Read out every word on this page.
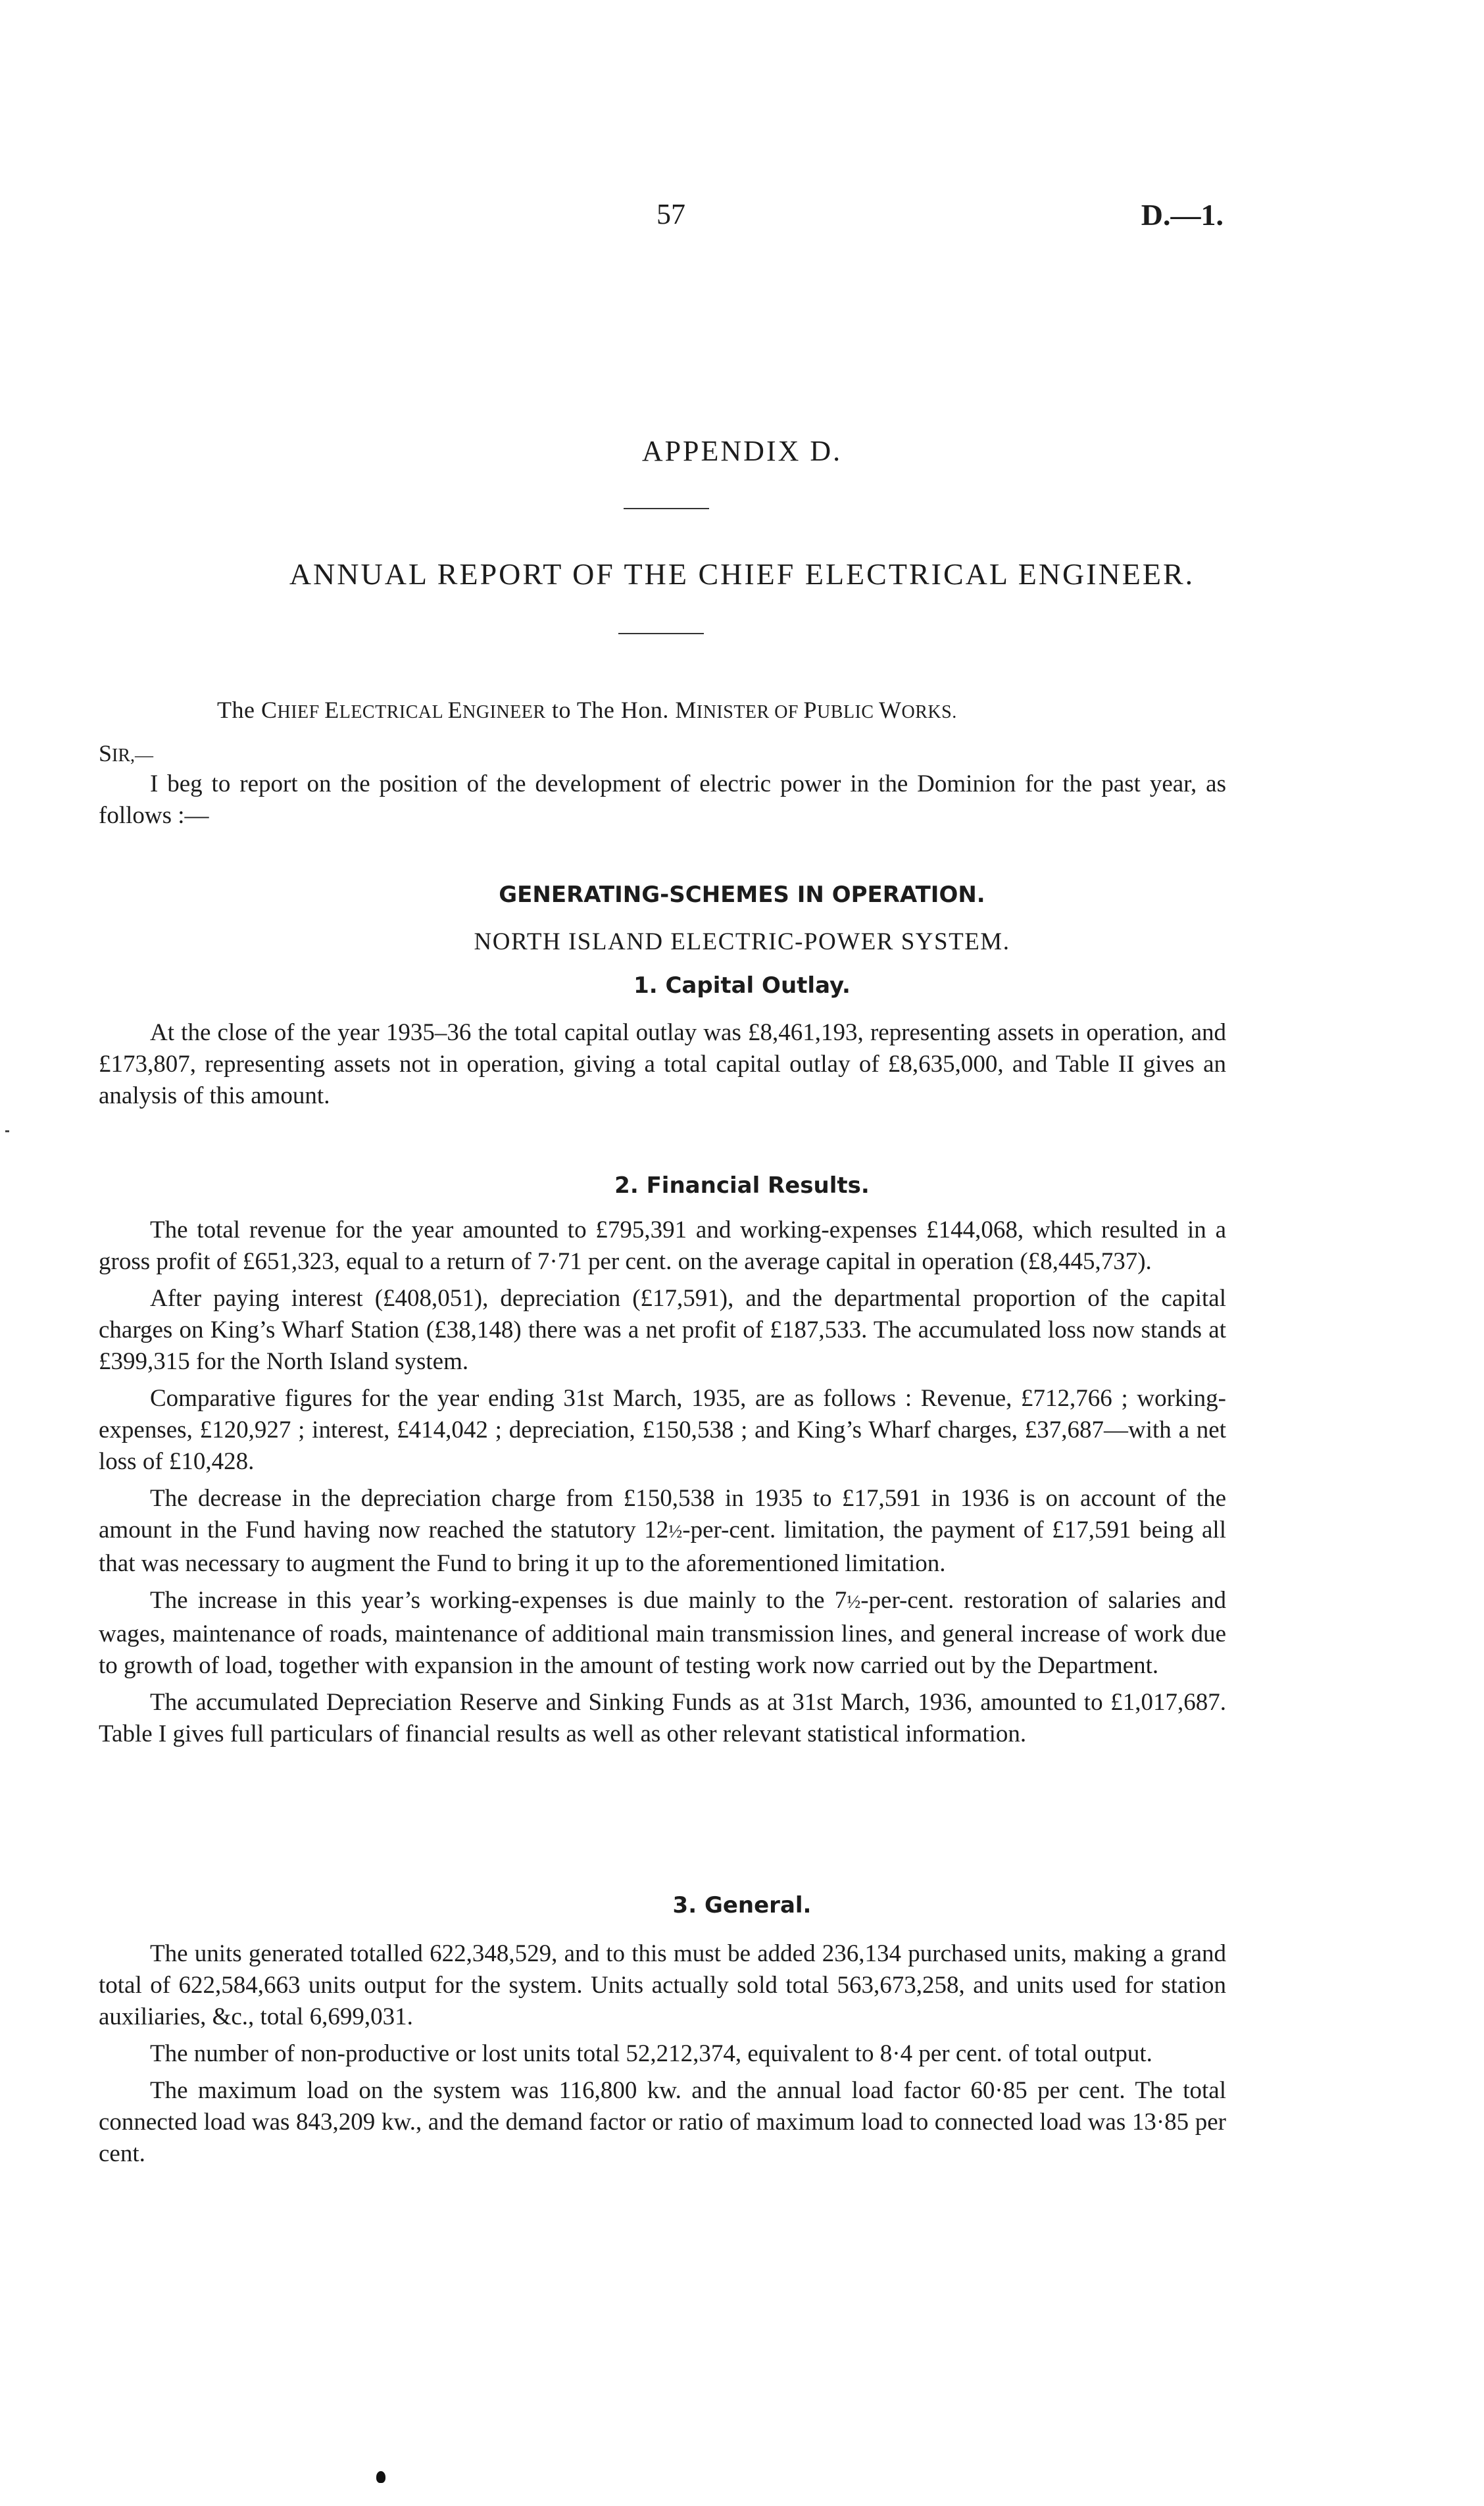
57	D.—1.
APPENDIX D.
ANNUAL REPORT OF THE CHIEF ELECTRICAL ENGINEER.
The CHIEF ELECTRICAL ENGINEER to The Hon. MINISTER OF PUBLIC WORKS.
SIR,—
I beg to report on the position of the development of electric power in the Dominion for the past year, as follows :—
GENERATING-SCHEMES IN OPERATION.
NORTH ISLAND ELECTRIC-POWER SYSTEM.
1. Capital Outlay.

At the close of the year 1935–36 the total capital outlay was £8,461,193, representing assets in operation, and £173,807, representing assets not in operation, giving a total capital outlay of £8,635,000, and Table II gives an analysis of this amount.

2. Financial Results.

The total revenue for the year amounted to £795,391 and working-expenses £144,068, which resulted in a gross profit of £651,323, equal to a return of 7·71 per cent. on the average capital in operation (£8,445,737).

After paying interest (£408,051), depreciation (£17,591), and the departmental proportion of the capital charges on King’s Wharf Station (£38,148) there was a net profit of £187,533. The accumulated loss now stands at £399,315 for the North Island system.

Comparative figures for the year ending 31st March, 1935, are as follows : Revenue, £712,766 ; working-expenses, £120,927 ; interest, £414,042 ; depreciation, £150,538 ; and King’s Wharf charges, £37,687—with a net loss of £10,428.

The decrease in the depreciation charge from £150,538 in 1935 to £17,591 in 1936 is on account of the amount in the Fund having now reached the statutory 12½-per-cent. limitation, the payment of £17,591 being all that was necessary to augment the Fund to bring it up to the aforementioned limitation.

The increase in this year’s working-expenses is due mainly to the 7½-per-cent. restoration of salaries and wages, maintenance of roads, maintenance of additional main transmission lines, and general increase of work due to growth of load, together with expansion in the amount of testing work now carried out by the Department.

The accumulated Depreciation Reserve and Sinking Funds as at 31st March, 1936, amounted to £1,017,687. Table I gives full particulars of financial results as well as other relevant statistical information.

3. General.

The units generated totalled 622,348,529, and to this must be added 236,134 purchased units, making a grand total of 622,584,663 units output for the system. Units actually sold total 563,673,258, and units used for station auxiliaries, &c., total 6,699,031.

The number of non-productive or lost units total 52,212,374, equivalent to 8·4 per cent. of total output.

The maximum load on the system was 116,800 kw. and the annual load factor 60·85 per cent. The total connected load was 843,209 kw., and the demand factor or ratio of maximum load to connected load was 13·85 per cent.
